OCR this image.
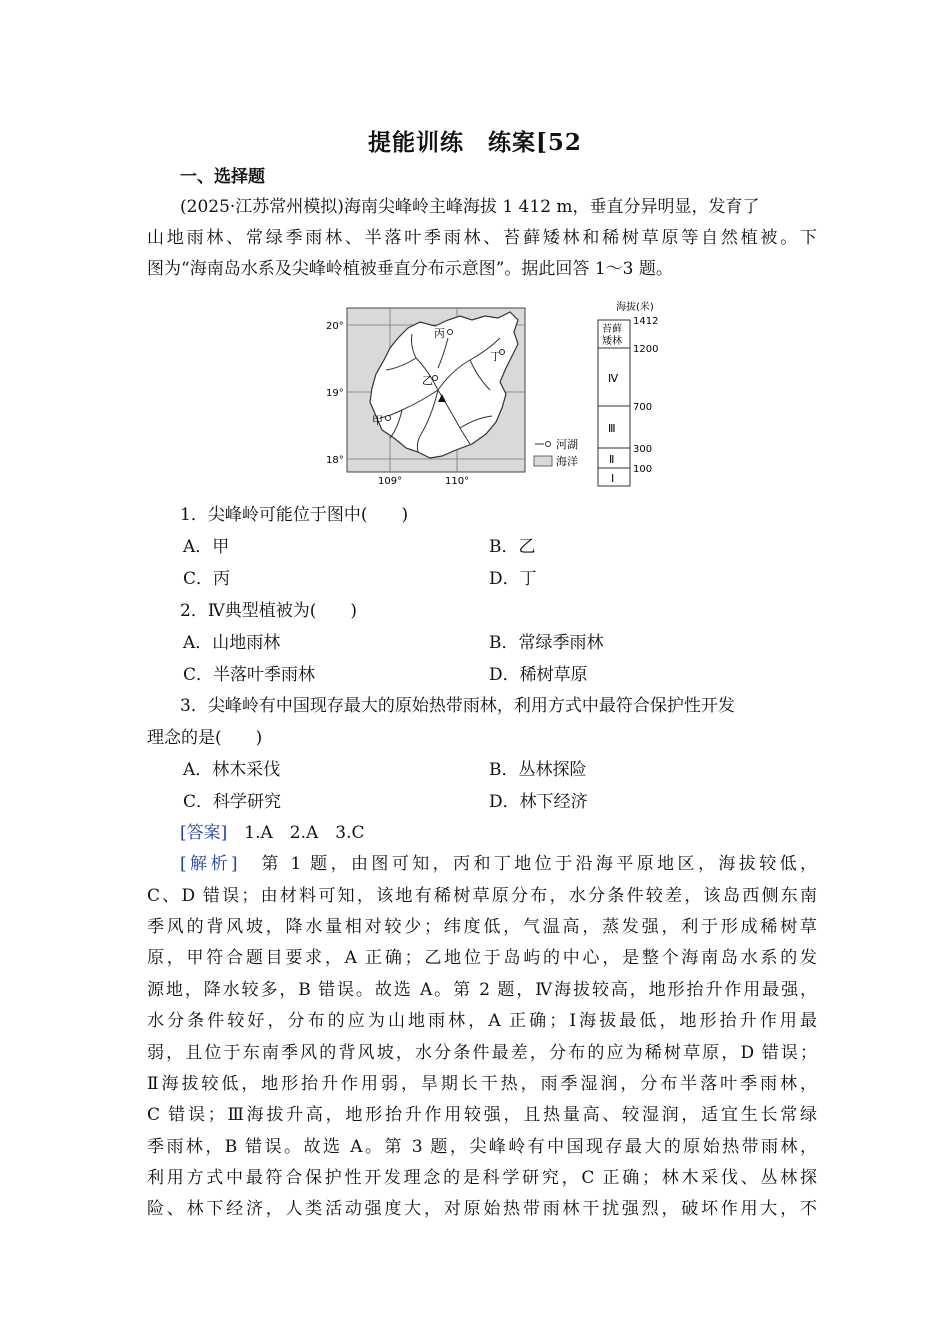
提能训练　练案[52
一、选择题
(2025·江苏常州模拟)海南尖峰岭主峰海拔 1 412 m，垂直分异明显，发育了
山地雨林、常绿季雨林、半落叶季雨林、苔藓矮林和稀树草原等自然植被。下
图为“海南岛水系及尖峰岭植被垂直分布示意图”。据此回答 1～3 题。
丙
丁
乙
甲
20°
19°
18°
109°	110°
河湖
海洋
海拔(米)
苔藓
矮林
Ⅳ
Ⅲ
Ⅱ
Ⅰ
1412
1200
700
300
100
1．尖峰岭可能位于图中(　　)
A．甲	B．乙
C．丙	D．丁
2．Ⅳ典型植被为(　　)
A．山地雨林	B．常绿季雨林
C．半落叶季雨林	D．稀树草原
3．尖峰岭有中国现存最大的原始热带雨林，利用方式中最符合保护性开发
理念的是(　　)
A．林木采伐	B．丛林探险
C．科学研究	D．林下经济
[答案]　 1.A　2.A　3.C
[解析]　 第 1 题，由图可知，丙和丁地位于沿海平原地区，海拔较低，
C、D 错误；由材料可知，该地有稀树草原分布，水分条件较差，该岛西侧东南
季风的背风坡，降水量相对较少；纬度低，气温高，蒸发强，利于形成稀树草
原，甲符合题目要求，A 正确；乙地位于岛屿的中心，是整个海南岛水系的发
源地，降水较多，B 错误。故选 A。第 2 题，Ⅳ海拔较高，地形抬升作用最强，
水分条件较好，分布的应为山地雨林，A 正确；Ⅰ海拔最低，地形抬升作用最
弱，且位于东南季风的背风坡，水分条件最差，分布的应为稀树草原，D 错误；
Ⅱ海拔较低，地形抬升作用弱，旱期长干热，雨季湿润，分布半落叶季雨林，
C 错误；Ⅲ海拔升高，地形抬升作用较强，且热量高、较湿润，适宜生长常绿
季雨林，B 错误。故选 A。第 3 题，尖峰岭有中国现存最大的原始热带雨林，
利用方式中最符合保护性开发理念的是科学研究，C 正确；林木采伐、丛林探
险、林下经济，人类活动强度大，对原始热带雨林干扰强烈，破坏作用大，不
